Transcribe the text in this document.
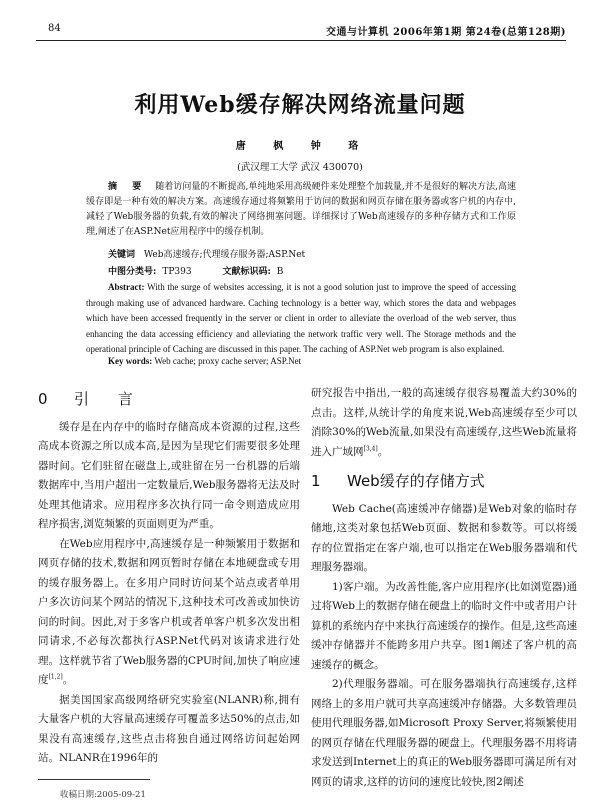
84	交通与计算机 2006年第1期 第24卷(总第128期)
利用Web缓存解决网络流量问题
唐 枫 钟 珞
(武汉理工大学 武汉 430070)
摘 要 随着访问量的不断提高,单纯地采用高级硬件来处理整个加载量,并不是很好的解决方法,高速缓存即是一种有效的解决方案。高速缓存通过将频繁用于访问的数据和网页存储在服务器或客户机的内存中,减轻了Web服务器的负载,有效的解决了网络拥塞问题。详细探讨了Web高速缓存的多种存储方式和工作原理,阐述了在ASP.Net应用程序中的缓存机制。
关键词 Web高速缓存;代理缓存服务器;ASP.Net
中图分类号: TP393	文献标识码: B
Abstract: With the surge of websites accessing, it is not a good solution just to improve the speed of accessing through making use of advanced hardware. Caching technology is a better way, which stores the data and webpages which have been accessed frequently in the server or client in order to alleviate the overload of the web server, thus enhancing the data accessing efficiency and alleviating the network traffic very well. The Storage methods and the operational principle of Caching are discussed in this paper. The caching of ASP.Net web program is also explained.
Key words: Web cache; proxy cache server; ASP.Net
0 引 言

缓存是在内存中的临时存储高成本资源的过程,这些高成本资源之所以成本高,是因为呈现它们需要很多处理器时间。它们驻留在磁盘上,或驻留在另一台机器的后端数据库中,当用户超出一定数量后,Web服务器将无法及时处理其他请求。应用程序多次执行同一命令则造成应用程序损害,浏览频繁的页面则更为严重。

在Web应用程序中,高速缓存是一种频繁用于数据和网页存储的技术,数据和网页暂时存储在本地硬盘或专用的缓存服务器上。在多用户同时访问某个站点或者单用户多次访问某个网站的情况下,这种技术可改善或加快访问的时间。因此,对于多客户机或者单客户机多次发出相同请求,不必每次都执行ASP.Net代码对该请求进行处理。这样就节省了Web服务器的CPU时间,加快了响应速度[1,2]。

据美国国家高级网络研究实验室(NLANR)称,拥有大量客户机的大容量高速缓存可覆盖多达50%的点击,如果没有高速缓存,这些点击将独自通过网络访问起始网站。NLANR在1996年的

研究报告中指出,一般的高速缓存很容易覆盖大约30%的点击。这样,从统计学的角度来说,Web高速缓存至少可以消除30%的Web流量,如果没有高速缓存,这些Web流量将进入广域网[3,4]。

1 Web缓存的存储方式

Web Cache(高速缓冲存储器)是Web对象的临时存储地,这类对象包括Web页面、数据和参数等。可以将缓存的位置指定在客户端,也可以指定在Web服务器端和代理服务器端。

1)客户端。为改善性能,客户应用程序(比如浏览器)通过将Web上的数据存储在硬盘上的临时文件中或者用户计算机的系统内存中来执行高速缓存的操作。但是,这些高速缓冲存储器并不能跨多用户共享。图1阐述了客户机的高速缓存的概念。

2)代理服务器端。可在服务器端执行高速缓存,这样网络上的多用户就可共享高速缓冲存储器。大多数管理员使用代理服务器,如Microsoft Proxy Server,将频繁使用的网页存储在代理服务器的硬盘上。代理服务器不用将请求发送到Internet上的真正的Web服务器即可满足所有对网页的请求,这样的访问的速度比较快,图2阐述

收稿日期:2005-09-21
